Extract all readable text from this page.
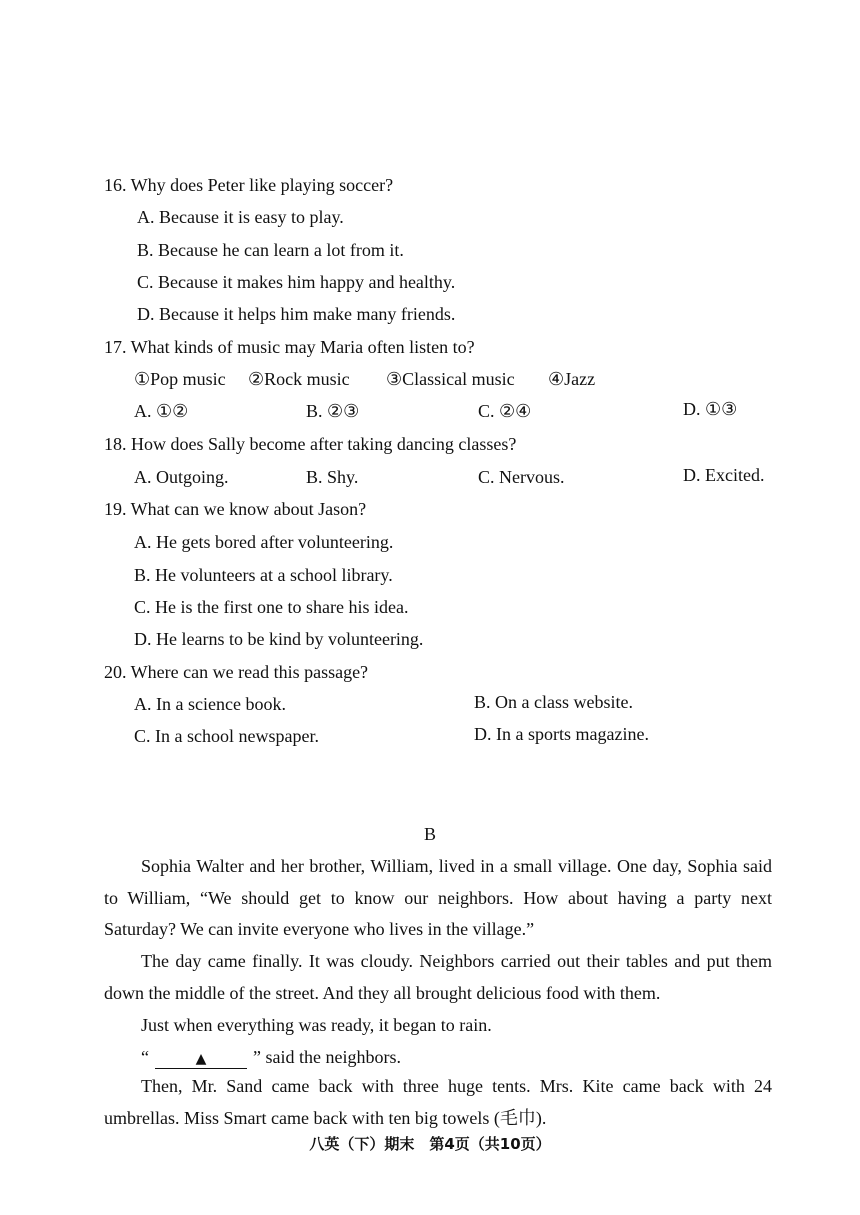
16. Why does Peter like playing soccer?
A. Because it is easy to play.
B. Because he can learn a lot from it.
C. Because it makes him happy and healthy.
D. Because it helps him make many friends.
17. What kinds of music may Maria often listen to?
①Pop music ②Rock music ③Classical music ④Jazz
A. ①②	B. ②③	C. ②④	D. ①③
18. How does Sally become after taking dancing classes?
A. Outgoing.	B. Shy.	C. Nervous.	D. Excited.
19. What can we know about Jason?
A. He gets bored after volunteering.
B. He volunteers at a school library.
C. He is the first one to share his idea.
D. He learns to be kind by volunteering.
20. Where can we read this passage?
A. In a science book.	B. On a class website.
C. In a school newspaper.	D. In a sports magazine.
B
Sophia Walter and her brother, William, lived in a small village. One day, Sophia said to William, “We should get to know our neighbors. How about having a party next Saturday? We can invite everyone who lives in the village.”
The day came finally. It was cloudy. Neighbors carried out their tables and put them down the middle of the street. And they all brought delicious food with them.
Just when everything was ready, it began to rain.
“	▲	” said the neighbors.
Then, Mr. Sand came back with three huge tents. Mrs. Kite came back with 24 umbrellas. Miss Smart came back with ten big towels (毛巾).
八英（下）期末　第4页（共10页）
